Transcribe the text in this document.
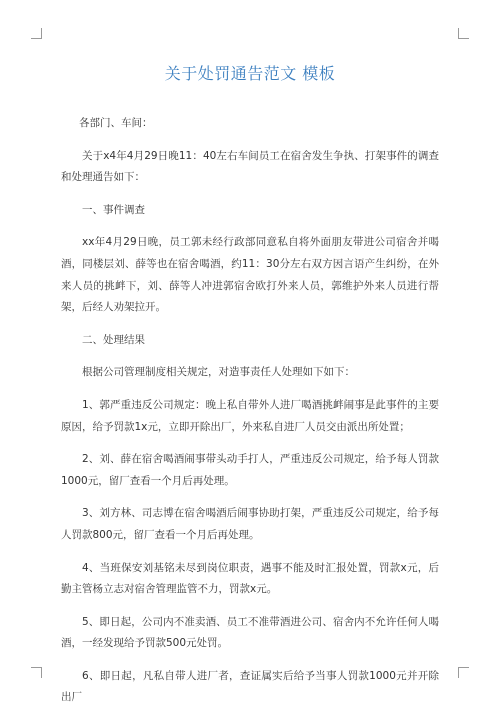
关于处罚通告范文 模板

各部门、车间：

关于x4年4月29日晚11：40左右车间员工在宿舍发生争执、打架事件的调查和处理通告如下：

一、事件调查

xx年4月29日晚，员工郭未经行政部同意私自将外面朋友带进公司宿舍并喝酒，同楼层刘、薛等也在宿舍喝酒，约11：30分左右双方因言语产生纠纷，在外来人员的挑衅下，刘、薛等人冲进郭宿舍欧打外来人员，郭维护外来人员进行帮架，后经人劝架拉开。

二、处理结果

根据公司管理制度相关规定，对造事责任人处理如下如下：

1、郭严重违反公司规定：晚上私自带外人进厂喝酒挑衅闹事是此事件的主要原因，给予罚款1x元，立即开除出厂，外来私自进厂人员交由派出所处置；

2、刘、薛在宿舍喝酒闹事带头动手打人，严重违反公司规定，给予每人罚款1000元，留厂查看一个月后再处理。

3、刘方林、司志博在宿舍喝酒后闹事协助打架，严重违反公司规定，给予每人罚款800元，留厂查看一个月后再处理。

4、当班保安刘基铭未尽到岗位职责，遇事不能及时汇报处置，罚款x元，后勤主管杨立志对宿舍管理监管不力，罚款x元。

5、即日起，公司内不准卖酒、员工不准带酒进公司、宿舍内不允许任何人喝酒，一经发现给予罚款500元处罚。

6、即日起，凡私自带人进厂者，查证属实后给予当事人罚款1000元并开除出厂
